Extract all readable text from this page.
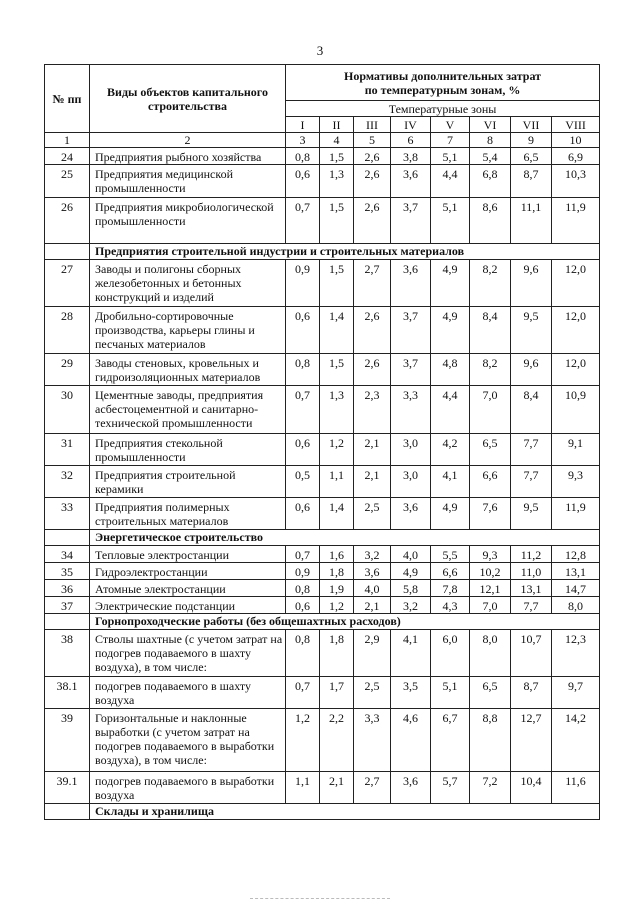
3
№ пп	Виды объектов капитального строительства	Нормативы дополнительных затрат
по температурным зонам, %							
		Температурные зоны							
		I	II	III	IV	V	VI	VII	VIII
1	2	3	4	5	6	7	8	9	10
24	Предприятия рыбного хозяйства	0,8	1,5	2,6	3,8	5,1	5,4	6,5	6,9
25	Предприятия медицинской промышленности	0,6	1,3	2,6	3,6	4,4	6,8	8,7	10,3
26	Предприятия микробиологической промышленности	0,7	1,5	2,6	3,7	5,1	8,6	11,1	11,9
	Предприятия строительной индустрии и строительных материалов								
27	Заводы и полигоны сборных железобетонных и бетонных конструкций и изделий	0,9	1,5	2,7	3,6	4,9	8,2	9,6	12,0
28	Дробильно-сортировочные производства, карьеры глины и песчаных материалов	0,6	1,4	2,6	3,7	4,9	8,4	9,5	12,0
29	Заводы стеновых, кровельных и гидроизоляционных материалов	0,8	1,5	2,6	3,7	4,8	8,2	9,6	12,0
30	Цементные заводы, предприятия асбестоцементной и санитарно-технической промышленности	0,7	1,3	2,3	3,3	4,4	7,0	8,4	10,9
31	Предприятия стекольной промышленности	0,6	1,2	2,1	3,0	4,2	6,5	7,7	9,1
32	Предприятия строительной керамики	0,5	1,1	2,1	3,0	4,1	6,6	7,7	9,3
33	Предприятия полимерных строительных материалов	0,6	1,4	2,5	3,6	4,9	7,6	9,5	11,9
	Энергетическое строительство								
34	Тепловые электростанции	0,7	1,6	3,2	4,0	5,5	9,3	11,2	12,8
35	Гидроэлектростанции	0,9	1,8	3,6	4,9	6,6	10,2	11,0	13,1
36	Атомные электростанции	0,8	1,9	4,0	5,8	7,8	12,1	13,1	14,7
37	Электрические подстанции	0,6	1,2	2,1	3,2	4,3	7,0	7,7	8,0
	Горнопроходческие работы (без общешахтных расходов)								
38	Стволы шахтные (с учетом затрат на подогрев подаваемого в шахту воздуха), в том числе:	0,8	1,8	2,9	4,1	6,0	8,0	10,7	12,3
38.1	подогрев подаваемого в шахту воздуха	0,7	1,7	2,5	3,5	5,1	6,5	8,7	9,7
39	Горизонтальные и наклонные выработки (с учетом затрат на подогрев подаваемого в выработки воздуха), в том числе:	1,2	2,2	3,3	4,6	6,7	8,8	12,7	14,2
39.1	подогрев подаваемого в выработки воздуха	1,1	2,1	2,7	3,6	5,7	7,2	10,4	11,6
	Склады и хранилища								
